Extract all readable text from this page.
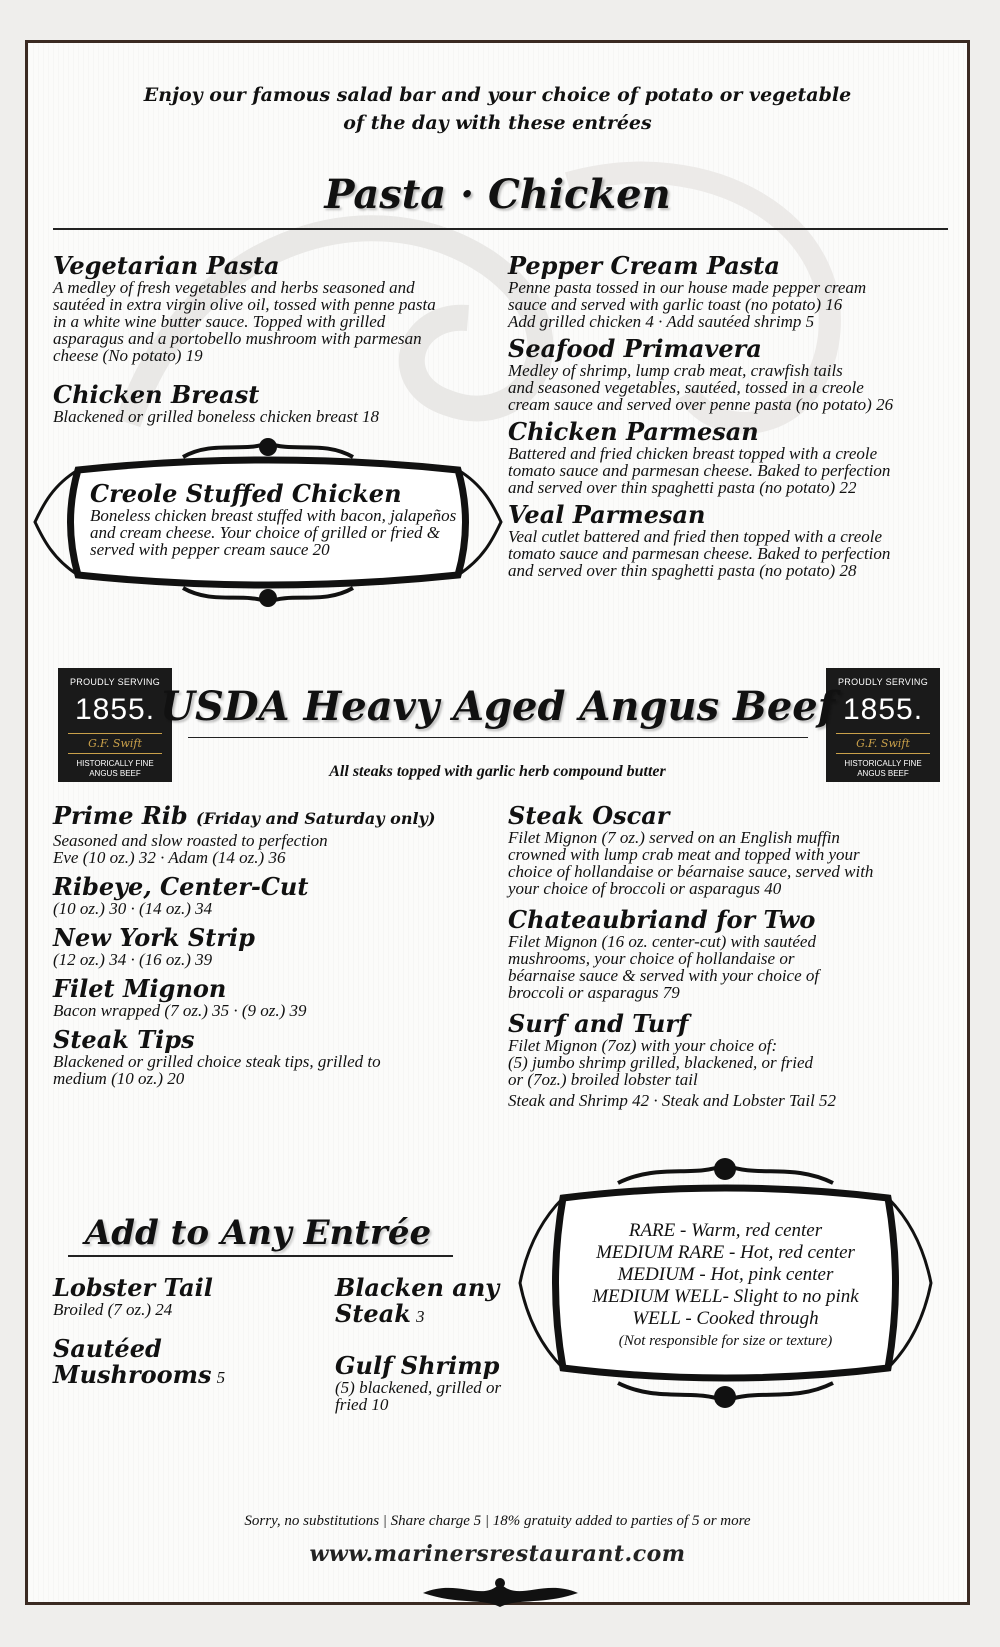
Enjoy our famous salad bar and your choice of potato or vegetable
of the day with these entrées
Pasta · Chicken
Vegetarian Pasta
A medley of fresh vegetables and herbs seasoned and
sautéed in extra virgin olive oil, tossed with penne pasta
in a white wine butter sauce. Topped with grilled
asparagus and a portobello mushroom with parmesan
cheese (No potato) 19
Chicken Breast
Blackened or grilled boneless chicken breast 18
Creole Stuffed Chicken
Boneless chicken breast stuffed with bacon, jalapeños
and cream cheese. Your choice of grilled or fried &
served with pepper cream sauce 20
Pepper Cream Pasta
Penne pasta tossed in our house made pepper cream
sauce and served with garlic toast (no potato) 16
Add grilled chicken 4 · Add sautéed shrimp 5
Seafood Primavera
Medley of shrimp, lump crab meat, crawfish tails
and seasoned vegetables, sautéed, tossed in a creole
cream sauce and served over penne pasta (no potato) 26
Chicken Parmesan
Battered and fried chicken breast topped with a creole
tomato sauce and parmesan cheese. Baked to perfection
and served over thin spaghetti pasta (no potato) 22
Veal Parmesan
Veal cutlet battered and fried then topped with a creole
tomato sauce and parmesan cheese. Baked to perfection
and served over thin spaghetti pasta (no potato) 28
PROUDLY SERVING
1855.
G.F. Swift
HISTORICALLY FINE
ANGUS BEEF
PROUDLY SERVING
1855.
G.F. Swift
HISTORICALLY FINE
ANGUS BEEF
USDA Heavy Aged Angus Beef
All steaks topped with garlic herb compound butter
Prime Rib (Friday and Saturday only)
Seasoned and slow roasted to perfection
Eve (10 oz.) 32 · Adam (14 oz.) 36
Ribeye, Center-Cut
(10 oz.) 30 · (14 oz.) 34
New York Strip
(12 oz.) 34 · (16 oz.) 39
Filet Mignon
Bacon wrapped (7 oz.) 35 · (9 oz.) 39
Steak Tips
Blackened or grilled choice steak tips, grilled to
medium (10 oz.) 20
Steak Oscar
Filet Mignon (7 oz.) served on an English muffin
crowned with lump crab meat and topped with your
choice of hollandaise or béarnaise sauce, served with
your choice of broccoli or asparagus 40
Chateaubriand for Two
Filet Mignon (16 oz. center-cut) with sautéed
mushrooms, your choice of hollandaise or
béarnaise sauce & served with your choice of
broccoli or asparagus 79
Surf and Turf
Filet Mignon (7oz) with your choice of:
(5) jumbo shrimp grilled, blackened, or fried
or (7oz.) broiled lobster tail
Steak and Shrimp 42 · Steak and Lobster Tail 52
Add to Any Entrée
Lobster Tail
Broiled (7 oz.) 24
Sautéed Mushrooms 5
Blacken any
Steak 3
Gulf Shrimp
(5) blackened, grilled or
fried 10
RARE - Warm, red center
MEDIUM RARE - Hot, red center
MEDIUM - Hot, pink center
MEDIUM WELL- Slight to no pink
WELL - Cooked through
(Not responsible for size or texture)
Sorry, no substitutions | Share charge 5 | 18% gratuity added to parties of 5 or more
www.marinersrestaurant.com
